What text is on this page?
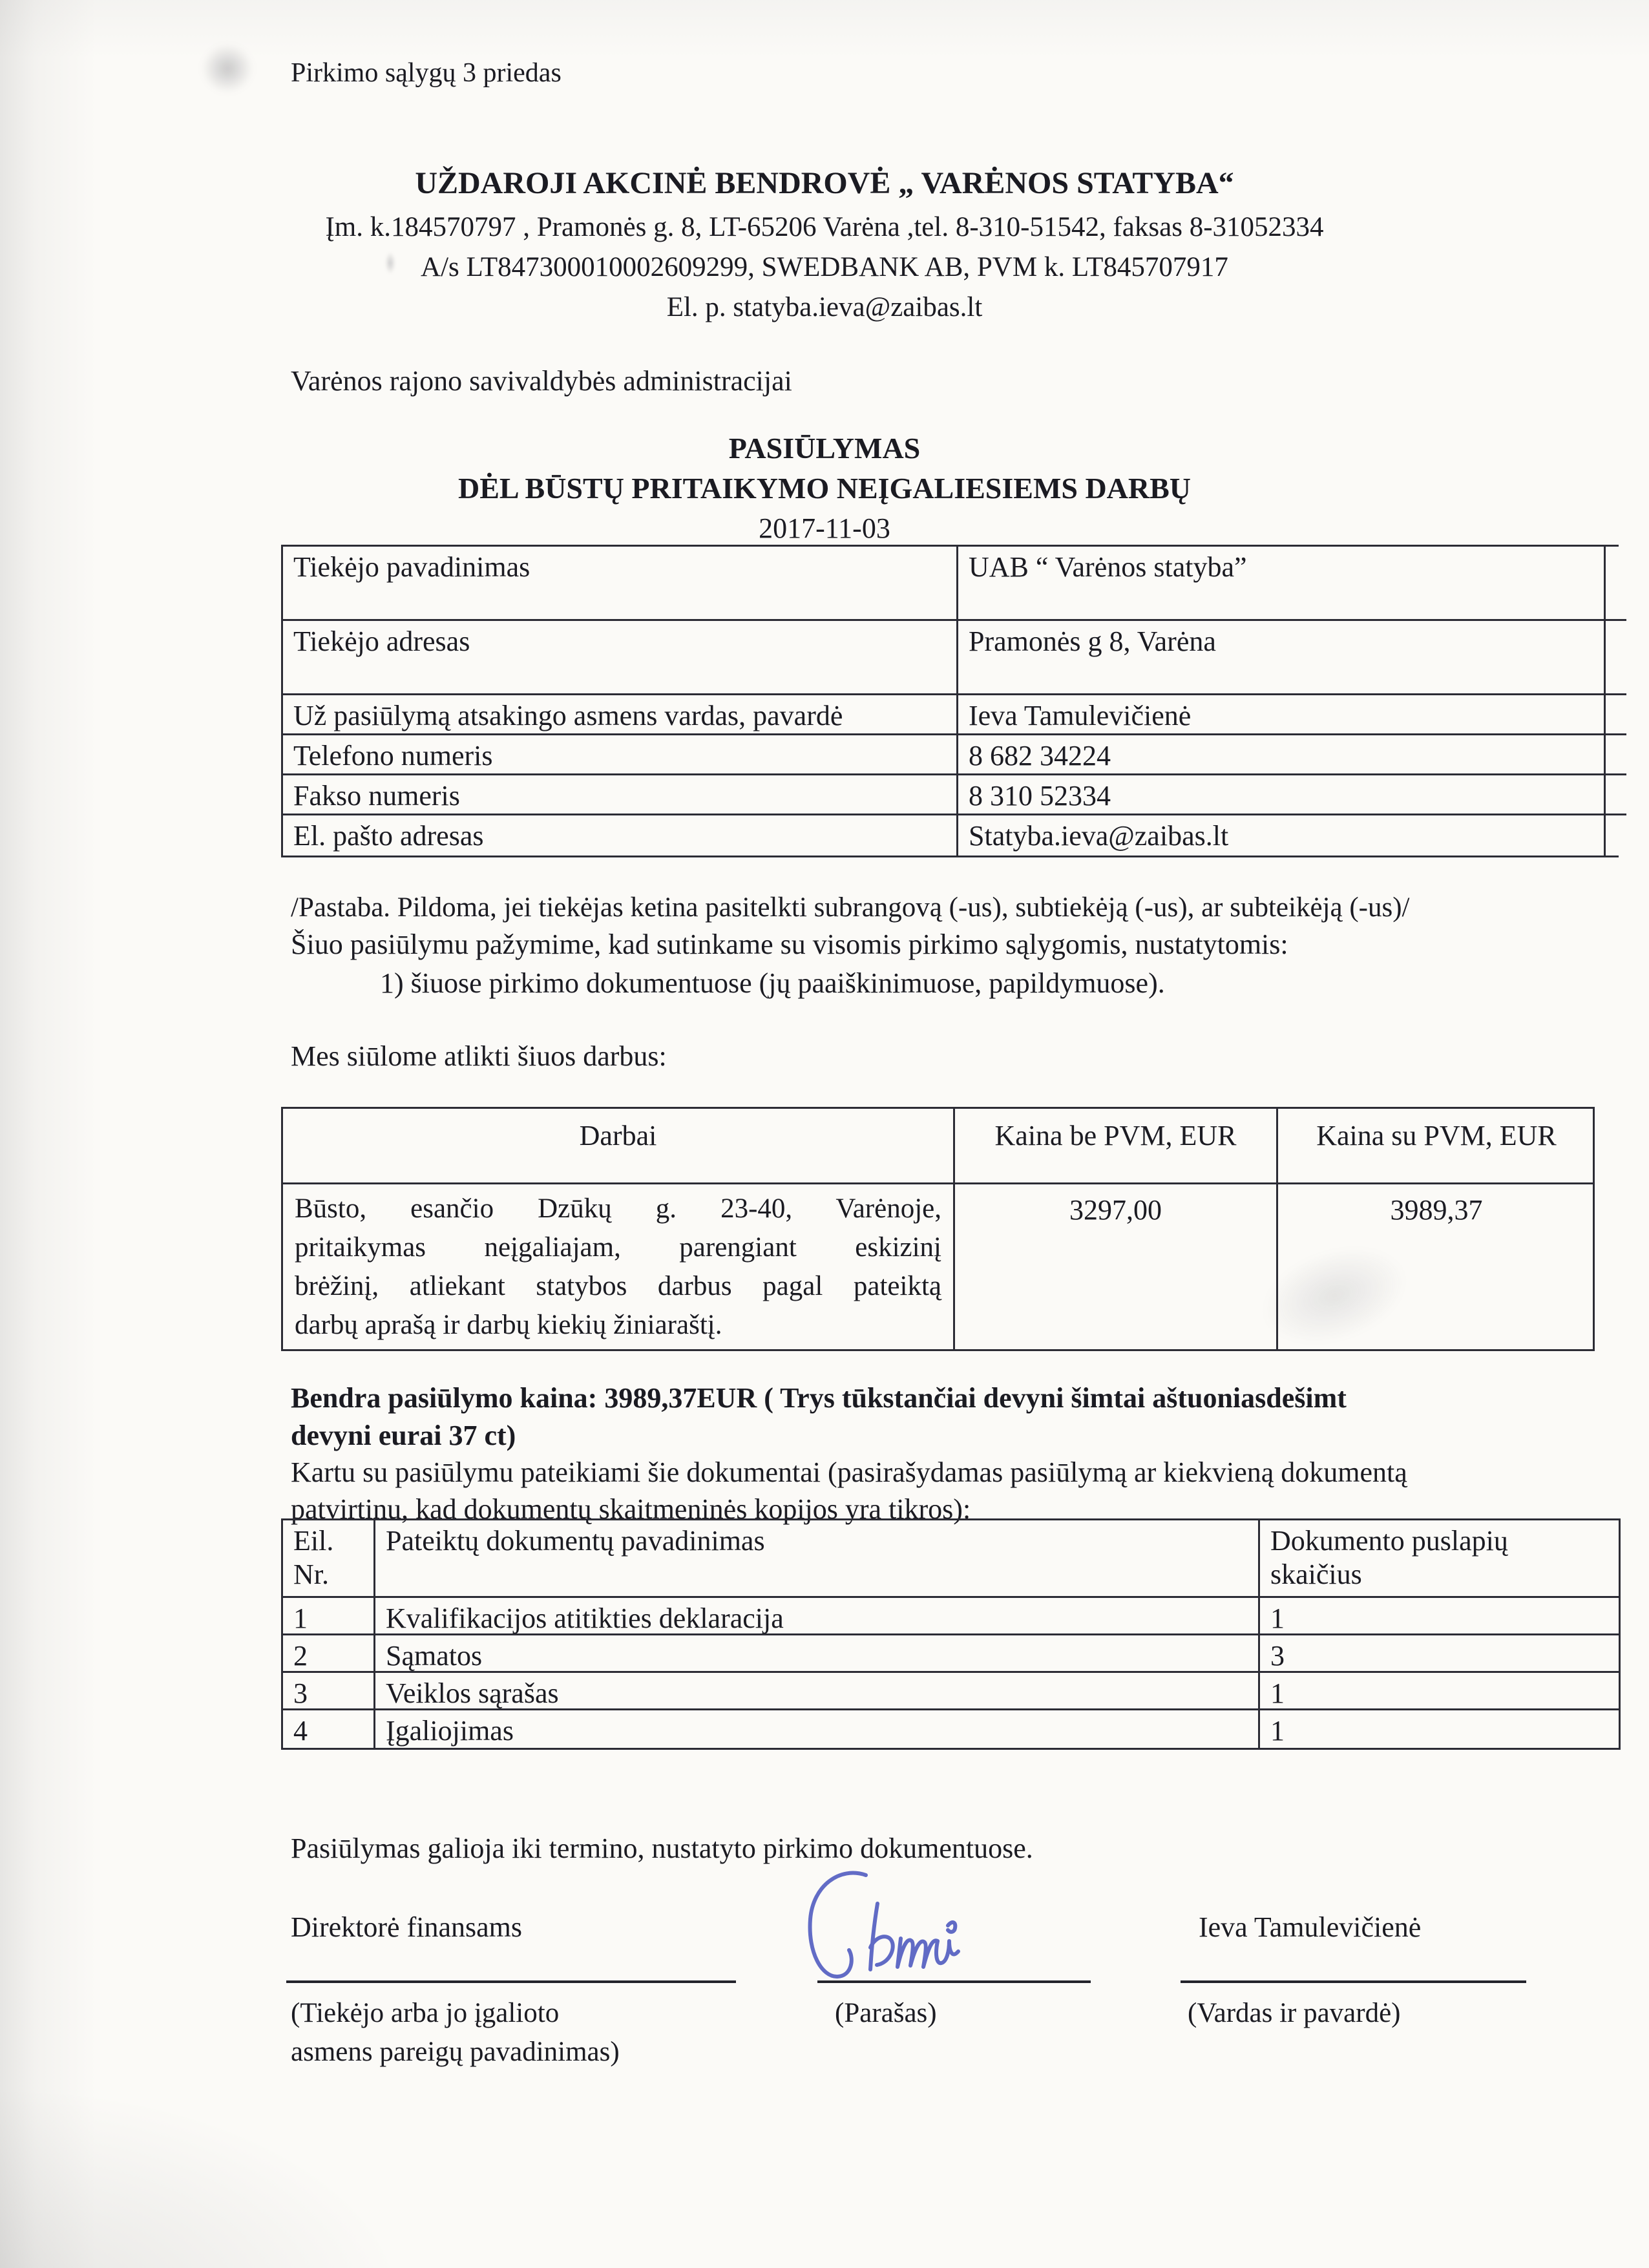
Pirkimo sąlygų 3 priedas
UŽDAROJI AKCINĖ BENDROVĖ „ VARĖNOS STATYBA“
Įm. k.184570797 , Pramonės g. 8, LT-65206 Varėna ,tel. 8-310-51542, faksas 8-31052334
A/s LT847300010002609299, SWEDBANK AB, PVM k. LT845707917
El. p. statyba.ieva@zaibas.lt
Varėnos rajono savivaldybės administracijai
PASIŪLYMAS
DĖL BŪSTŲ PRITAIKYMO NEĮGALIESIEMS DARBŲ
2017-11-03
Tiekėjo pavadinimas	UAB “ Varėnos statyba”
Tiekėjo adresas	Pramonės g 8, Varėna
Už pasiūlymą atsakingo asmens vardas, pavardė	Ieva Tamulevičienė
Telefono numeris	8 682 34224
Fakso numeris	8 310 52334
El. pašto adresas	Statyba.ieva@zaibas.lt
/Pastaba. Pildoma, jei tiekėjas ketina pasitelkti subrangovą (-us), subtiekėją (-us), ar subteikėją (-us)/
Šiuo pasiūlymu pažymime, kad sutinkame su visomis pirkimo sąlygomis, nustatytomis:
1) šiuose pirkimo dokumentuose (jų paaiškinimuose, papildymuose).
Mes siūlome atlikti šiuos darbus:
Darbai	Kaina be PVM, EUR	Kaina su PVM, EUR
Būsto, esančio Dzūkų g. 23-40, Varėnoje,
pritaikymas neįgaliajam, parengiant eskizinį
brėžinį, atliekant statybos darbus pagal pateiktą
darbų aprašą ir darbų kiekių žiniaraštį.
3297,00	3989,37
Bendra pasiūlymo kaina: 3989,37EUR ( Trys tūkstančiai devyni šimtai aštuoniasdešimt
devyni eurai 37 ct)
Kartu su pasiūlymu pateikiami šie dokumentai (pasirašydamas pasiūlymą ar kiekvieną dokumentą
patvirtinu, kad dokumentų skaitmeninės kopijos yra tikros):
Eil.
Nr.
Pateiktų dokumentų pavadinimas	Dokumento puslapių
skaičius
1	Kvalifikacijos atitikties deklaracija	1
2	Sąmatos	3
3	Veiklos sąrašas	1
4	Įgaliojimas	1
Pasiūlymas galioja iki termino, nustatyto pirkimo dokumentuose.
Direktorė finansams	Ieva Tamulevičienė
(Tiekėjo arba jo įgalioto
asmens pareigų pavadinimas)
(Parašas)	(Vardas ir pavardė)
